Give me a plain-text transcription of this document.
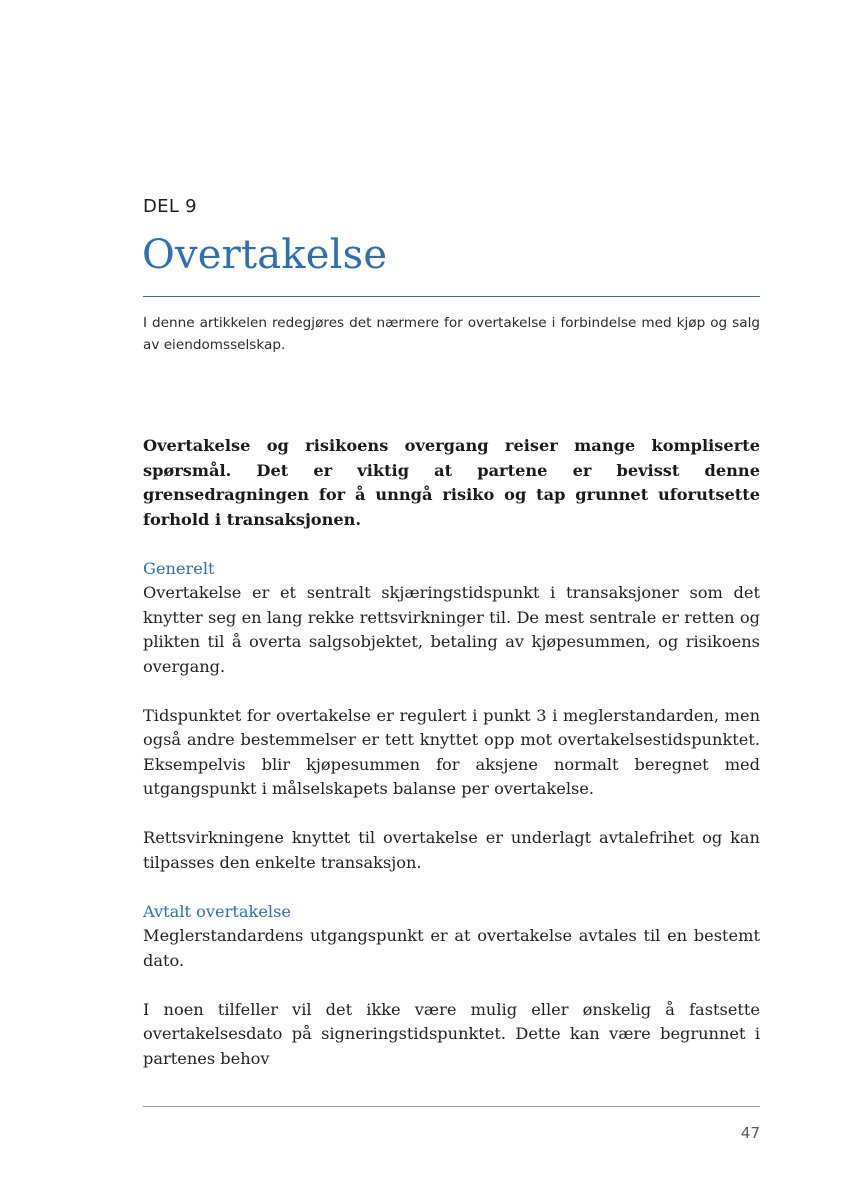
DEL 9
Overtakelse
I denne artikkelen redegjøres det nærmere for overtakelse i forbindelse med kjøp og salg av eiendomsselskap.

Overtakelse og risikoens overgang reiser mange kompliserte spørsmål. Det er viktig at partene er bevisst denne grensedragningen for å unngå risiko og tap grunnet uforutsette forhold i transaksjonen.

Generelt
Overtakelse er et sentralt skjæringstidspunkt i transaksjoner som det knytter seg en lang rekke rettsvirkninger til. De mest sentrale er retten og plikten til å overta salgsobjektet, betaling av kjøpesummen, og risikoens overgang.

Tidspunktet for overtakelse er regulert i punkt 3 i meglerstandarden, men også andre bestemmelser er tett knyttet opp mot overtakelsestidspunktet. Eksempelvis blir kjøpesummen for aksjene normalt beregnet med utgangspunkt i målselskapets balanse per overtakelse.

Rettsvirkningene knyttet til overtakelse er underlagt avtalefrihet og kan tilpasses den enkelte transaksjon.

Avtalt overtakelse
Meglerstandardens utgangspunkt er at overtakelse avtales til en bestemt dato.

I noen tilfeller vil det ikke være mulig eller ønskelig å fastsette overtakelsesdato på signeringstidspunktet. Dette kan være begrunnet i partenes behov

47
